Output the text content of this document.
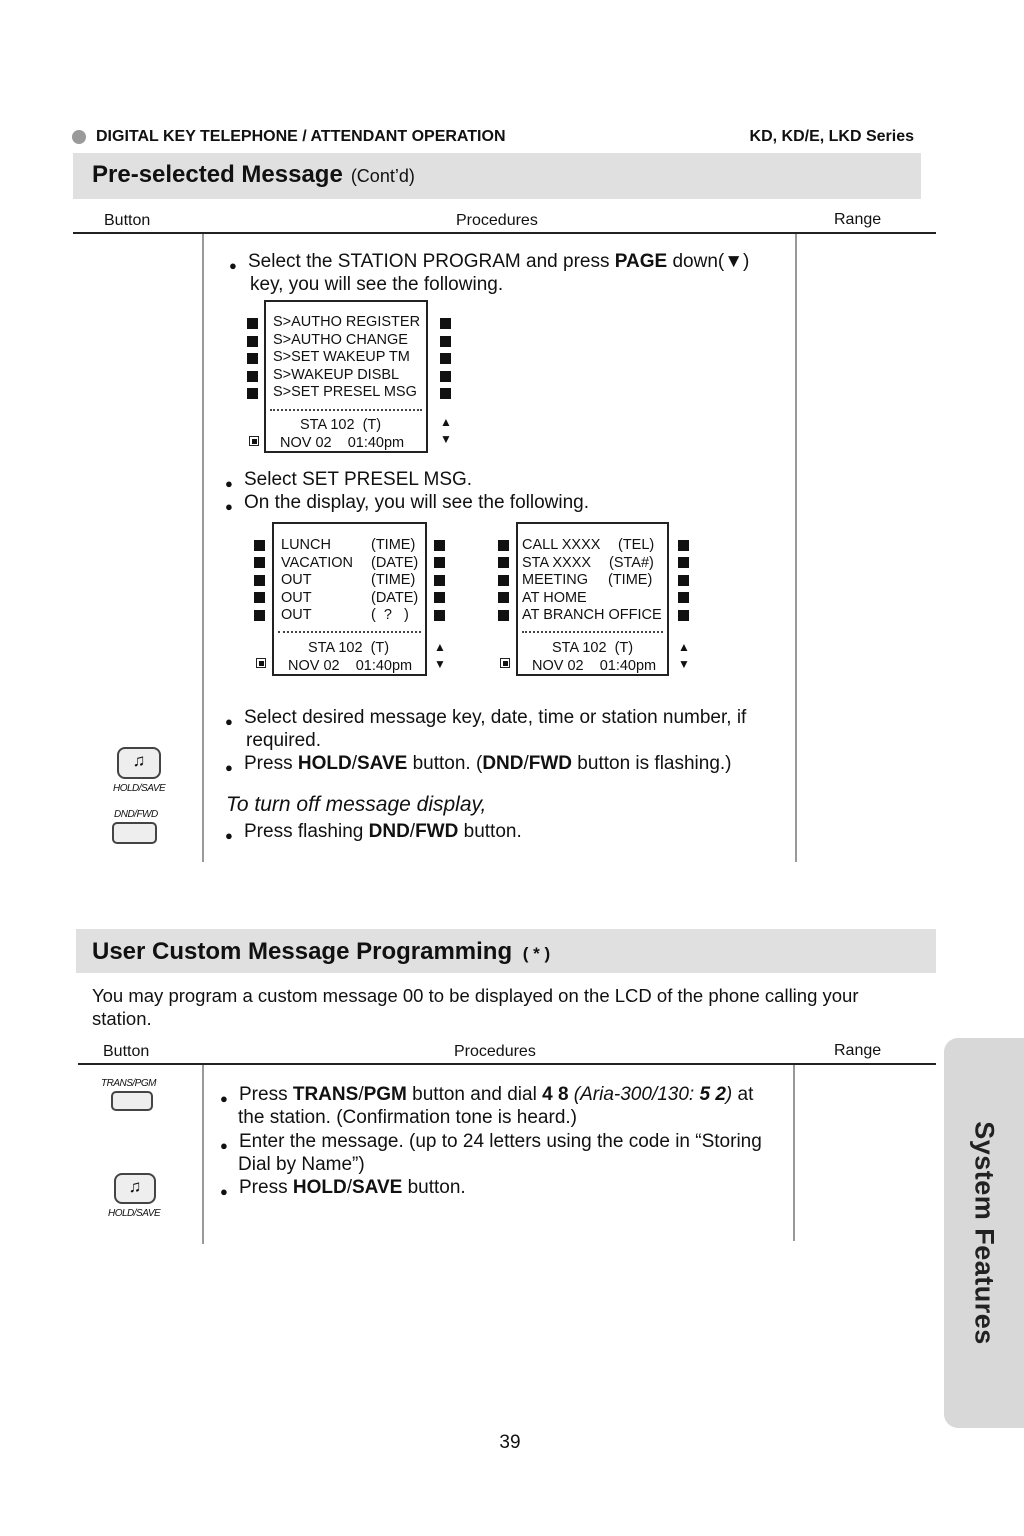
DIGITAL KEY TELEPHONE / ATTENDANT OPERATION	KD, KD/E, LKD Series
Pre-selected Message (Cont’d)
Button	Procedures	Range
● Select the STATION PROGRAM and press PAGE down(▼)
key, you will see the following.
S>AUTHO REGISTER
S>AUTHO CHANGE
S>SET WAKEUP TM
S>WAKEUP DISBL
S>SET PRESEL MSG
STA 102  (T)
NOV 02    01:40pm
▲
▼
● Select SET PRESEL MSG.
● On the display, you will see the following.
LUNCH	(TIME)
VACATION (DATE)
OUT	(TIME)
OUT	(DATE)
OUT	(  ?   )
STA 102  (T)
NOV 02    01:40pm
▲
▼
CALL XXXX (TEL)
STA XXXX (STA#)
MEETING (TIME)
AT HOME
AT BRANCH OFFICE
STA 102  (T)
NOV 02    01:40pm
▲
▼
● Select desired message key, date, time or station number, if
required.
● Press HOLD/SAVE button. (DND/FWD button is flashing.)
To turn off message display,
● Press flashing DND/FWD button.
♫
HOLD/SAVE
DND/FWD
User Custom Message Programming ( * )
You may program a custom message 00 to be displayed on the LCD of the phone calling your
station.
Button	Procedures	Range
● Press TRANS/PGM button and dial 4 8 (Aria-300/130: 5 2) at
the station. (Confirmation tone is heard.)
● Enter the message. (up to 24 letters using the code in “Storing
Dial by Name”)
● Press HOLD/SAVE button.
TRANS/PGM
♫
HOLD/SAVE	System Features
39
